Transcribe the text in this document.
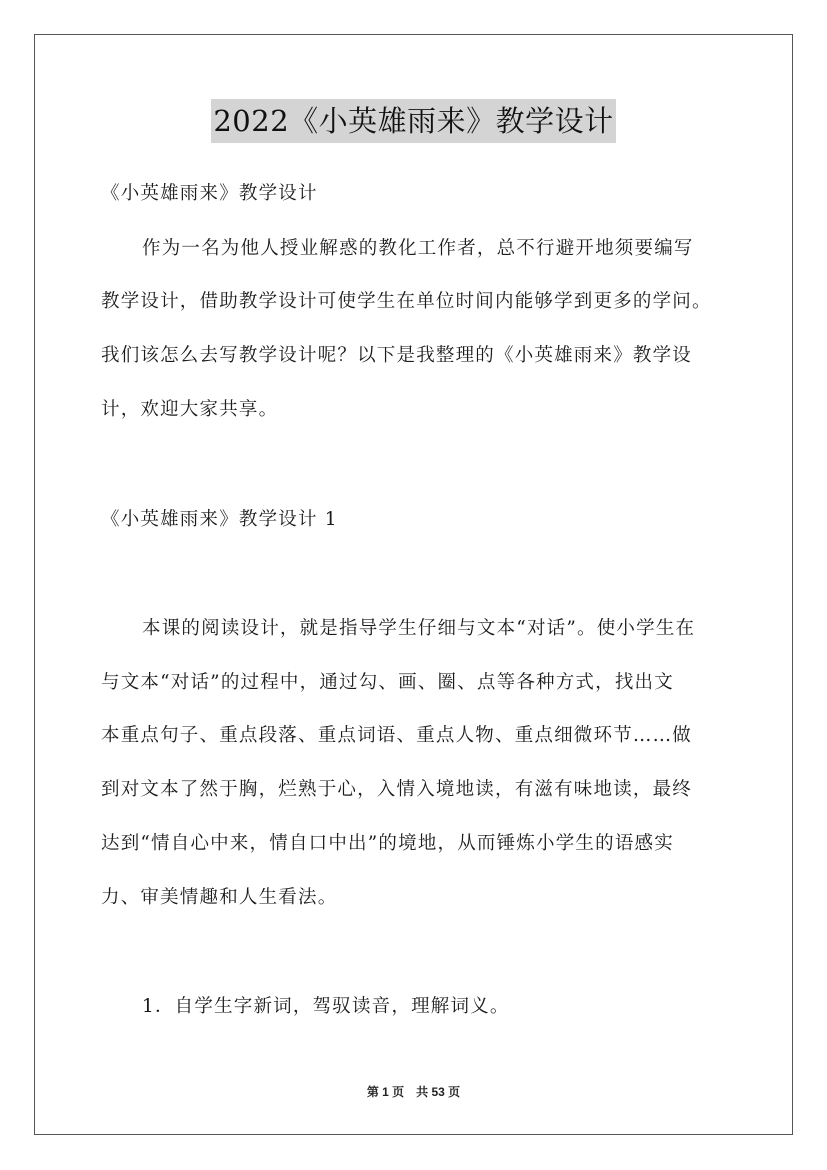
2022《小英雄雨来》教学设计
《小英雄雨来》教学设计
作为一名为他人授业解惑的教化工作者，总不行避开地须要编写
教学设计，借助教学设计可使学生在单位时间内能够学到更多的学问。
我们该怎么去写教学设计呢？以下是我整理的《小英雄雨来》教学设
计，欢迎大家共享。
《小英雄雨来》教学设计 1
本课的阅读设计，就是指导学生仔细与文本“对话”。使小学生在
与文本“对话”的过程中，通过勾、画、圈、点等各种方式，找出文
本重点句子、重点段落、重点词语、重点人物、重点细微环节……做
到对文本了然于胸，烂熟于心，入情入境地读，有滋有味地读，最终
达到“情自心中来，情自口中出”的境地，从而锤炼小学生的语感实
力、审美情趣和人生看法。
1．自学生字新词，驾驭读音，理解词义。
第 1 页 共 53 页
